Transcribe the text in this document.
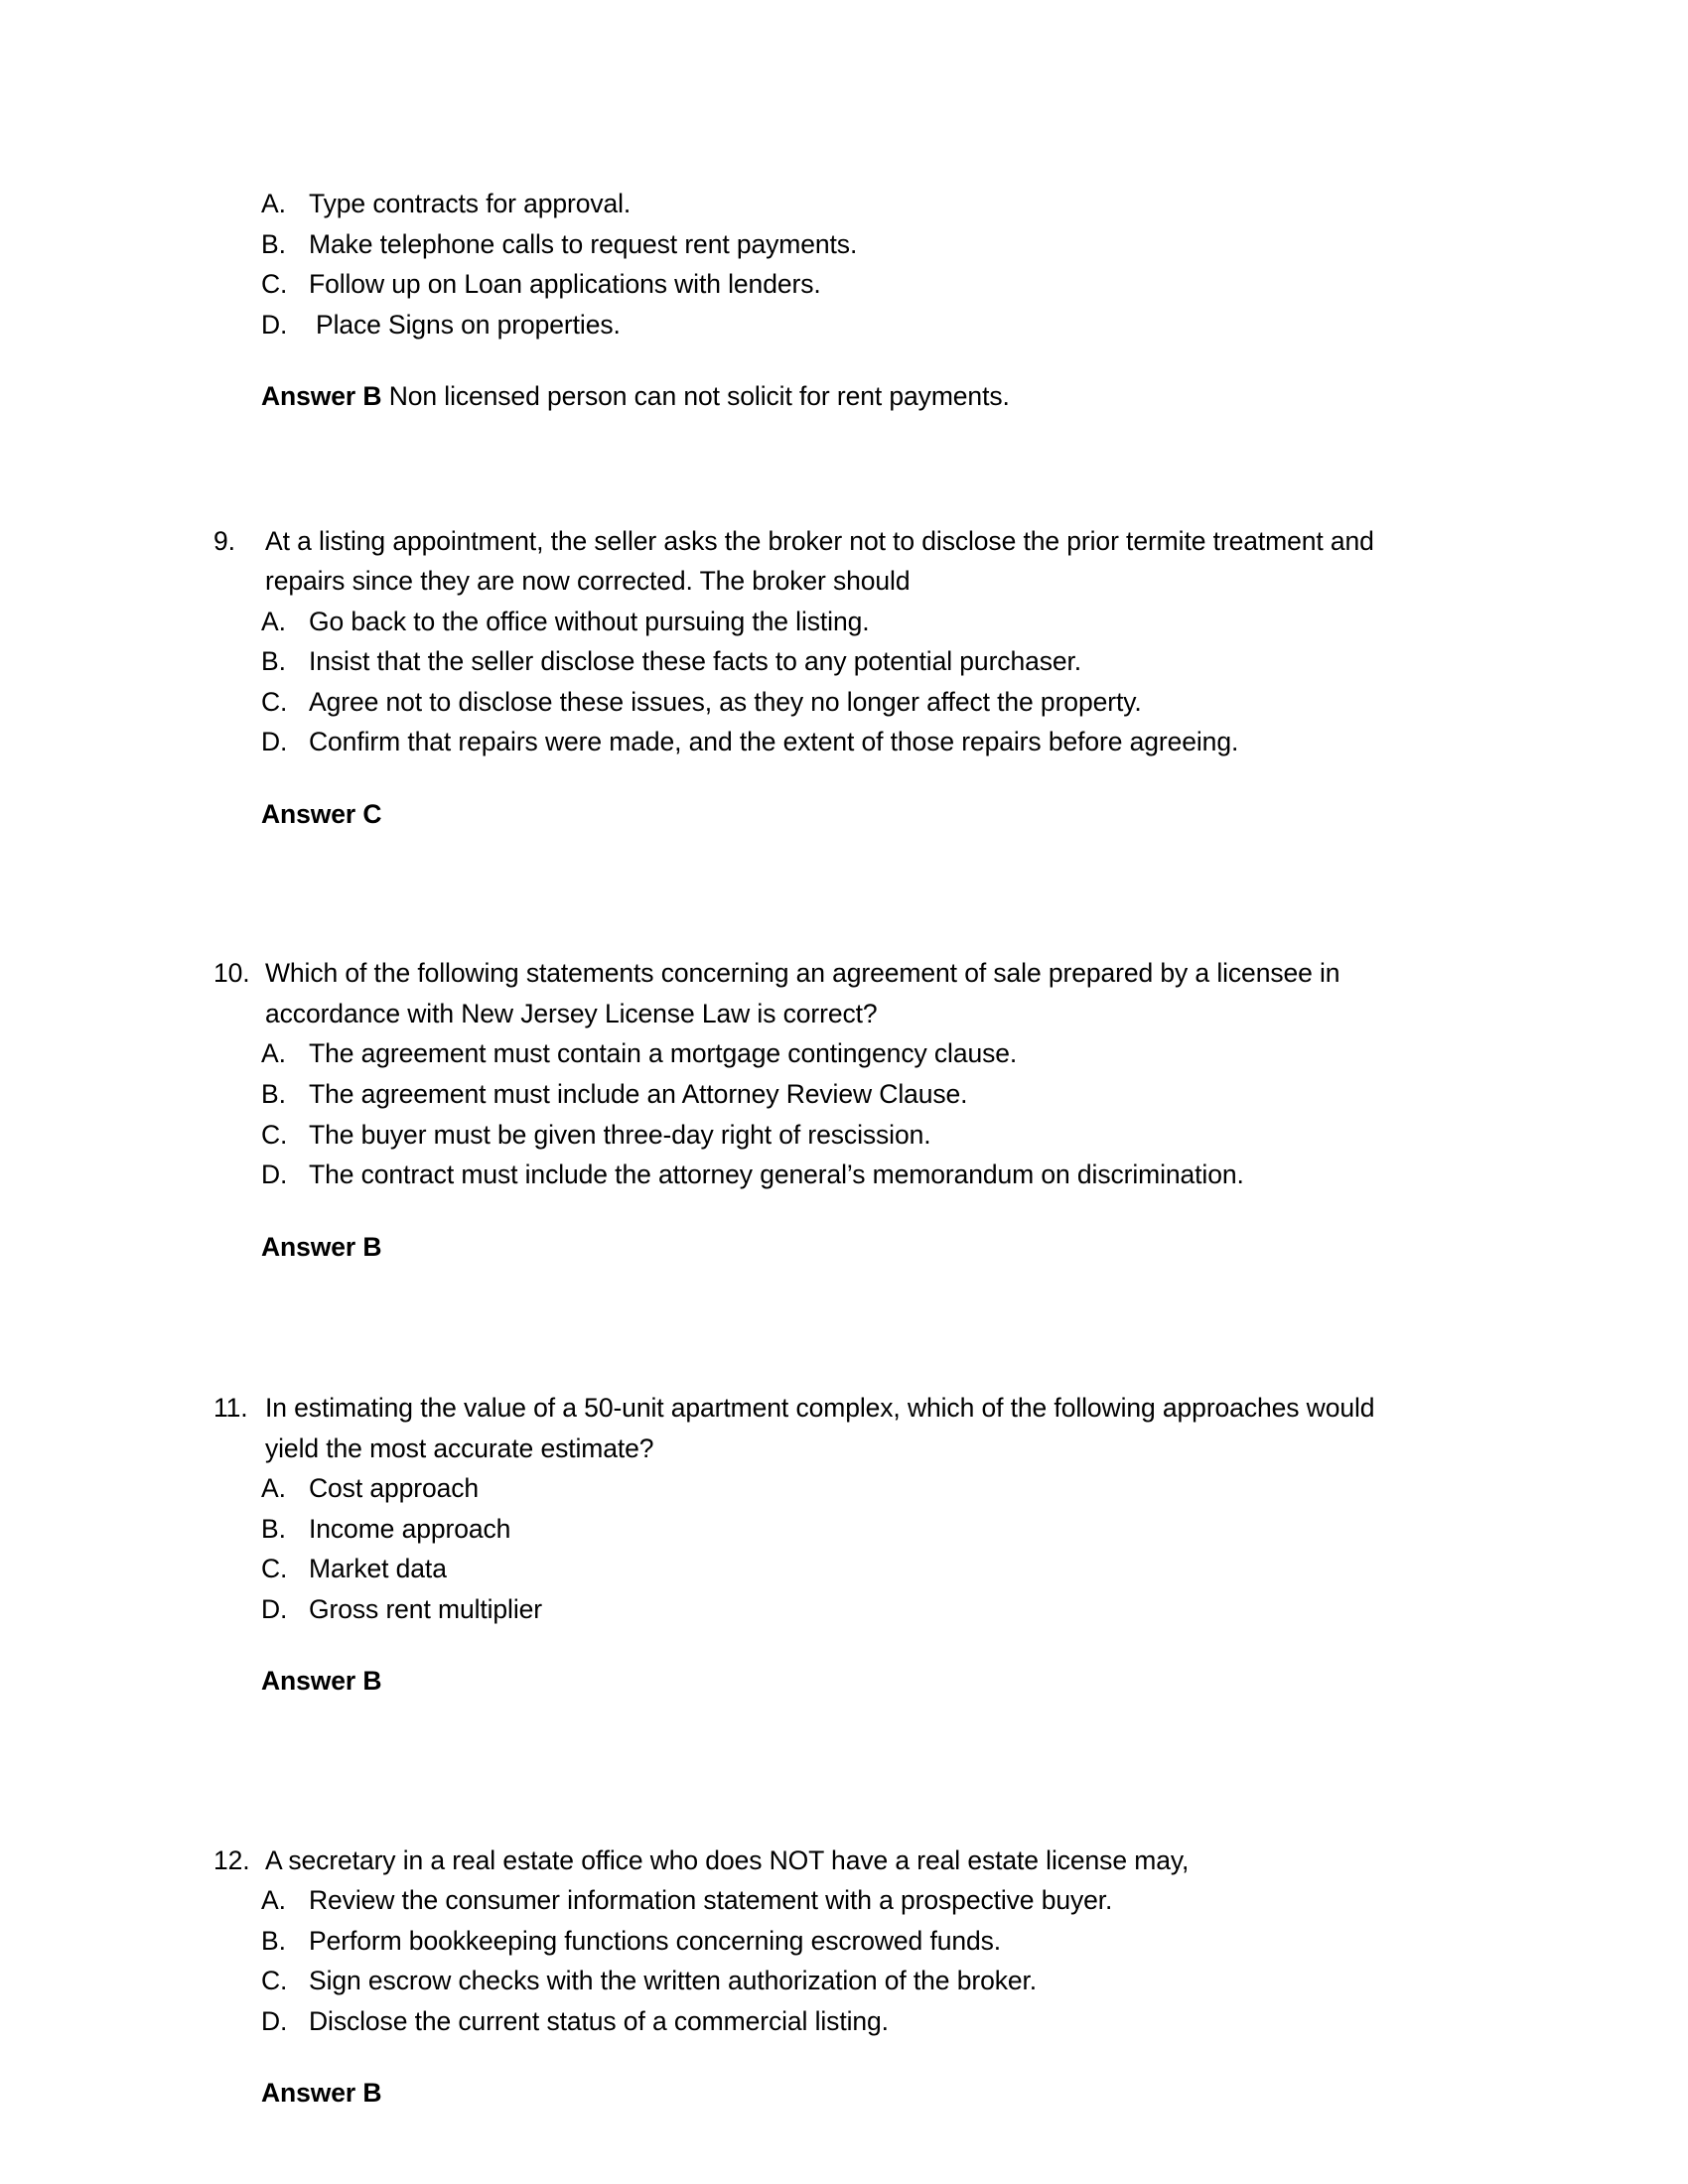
A. Type contracts for approval.
B. Make telephone calls to request rent payments.
C. Follow up on Loan applications with lenders.
D.	Place Signs on properties.
Answer B Non licensed person can not solicit for rent payments.
9.	At a listing appointment, the seller asks the broker not to disclose the prior termite treatment and repairs since they are now corrected. The broker should
A. Go back to the office without pursuing the listing.
B. Insist that the seller disclose these facts to any potential purchaser.
C. Agree not to disclose these issues, as they no longer affect the property.
D. Confirm that repairs were made, and the extent of those repairs before agreeing.
Answer C
10. Which of the following statements concerning an agreement of sale prepared by a licensee in accordance with New Jersey License Law is correct?
A. The agreement must contain a mortgage contingency clause.
B. The agreement must include an Attorney Review Clause.
C. The buyer must be given three-day right of rescission.
D. The contract must include the attorney general’s memorandum on discrimination.
Answer B
11. In estimating the value of a 50-unit apartment complex, which of the following approaches would yield the most accurate estimate?
A. Cost approach
B. Income approach
C. Market data
D. Gross rent multiplier
Answer B
12. A secretary in a real estate office who does NOT have a real estate license may,
A. Review the consumer information statement with a prospective buyer.
B. Perform bookkeeping functions concerning escrowed funds.
C. Sign escrow checks with the written authorization of the broker.
D. Disclose the current status of a commercial listing.
Answer B
